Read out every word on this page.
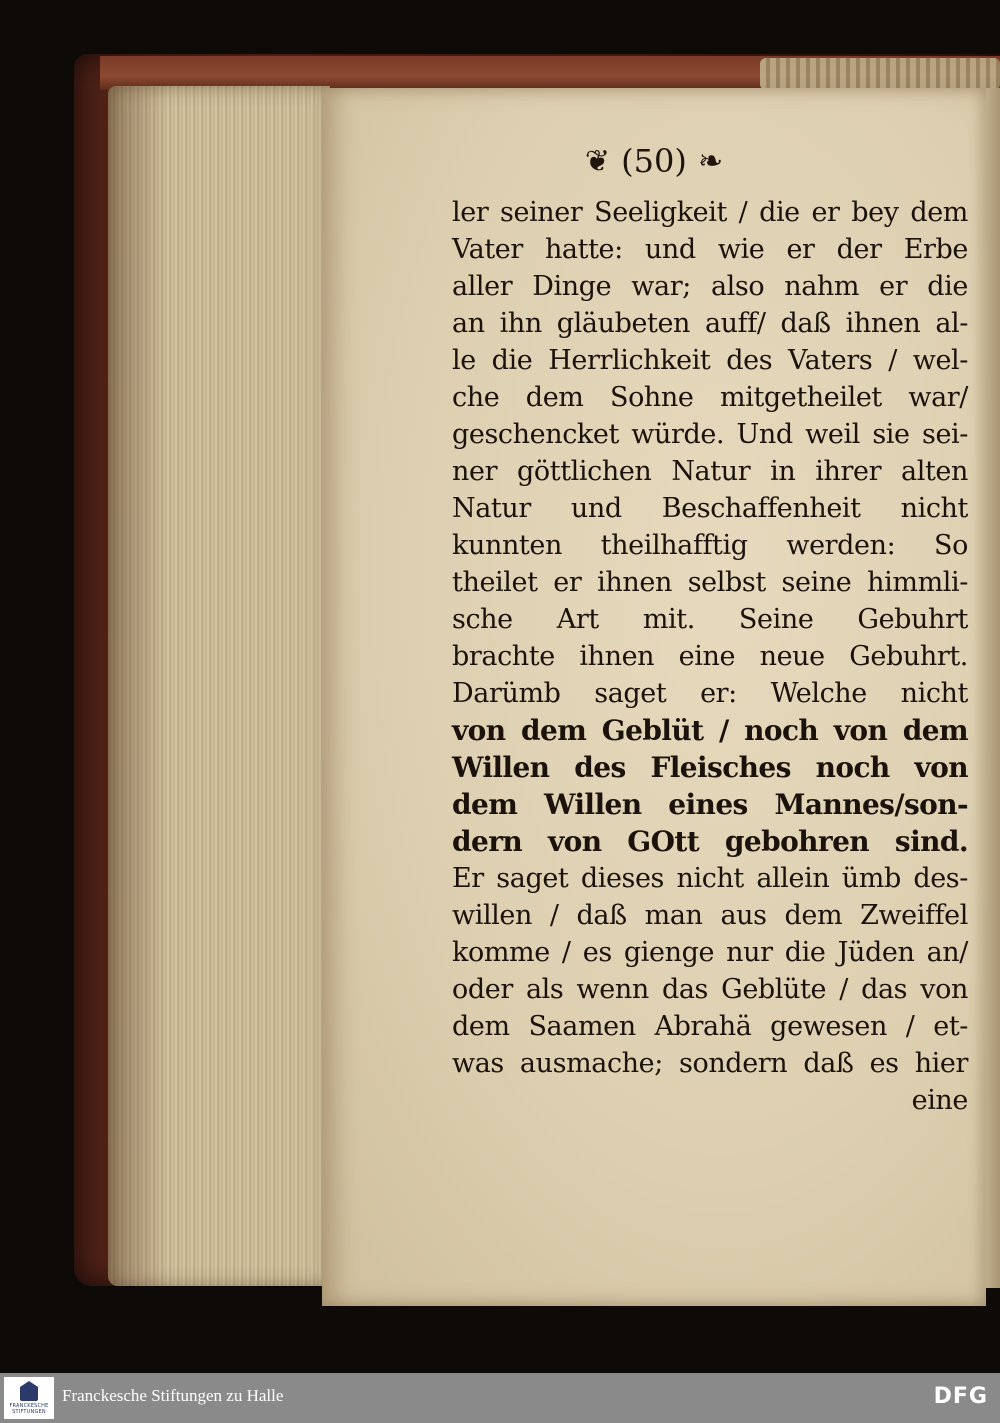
❦ (50) ❧
ler seiner Seeligkeit / die er bey dem
Vater hatte: und wie er der Erbe
aller Dinge war; also nahm er die
an ihn gläubeten auff/ daß ihnen al-
le die Herrlichkeit des Vaters / wel-
che dem Sohne mitgetheilet war/
geschencket würde. Und weil sie sei-
ner göttlichen Natur in ihrer alten
Natur und Beschaffenheit nicht
kunnten theilhafftig werden: So
theilet er ihnen selbst seine himmli-
sche Art mit. Seine Gebuhrt
brachte ihnen eine neue Gebuhrt.
Darümb saget er: Welche nicht
von dem Geblüt / noch von dem
Willen des Fleisches noch von
dem Willen eines Mannes/son-
dern von GOtt gebohren sind.
Er saget dieses nicht allein ümb des-
willen / daß man aus dem Zweiffel
komme / es gienge nur die Jüden an/
oder als wenn das Geblüte / das von
dem Saamen Abrahä gewesen / et-
was ausmache; sondern daß es hier
eine
FRANCKESCHE
STIFTUNGEN
Franckesche Stiftungen zu Halle	DFG
